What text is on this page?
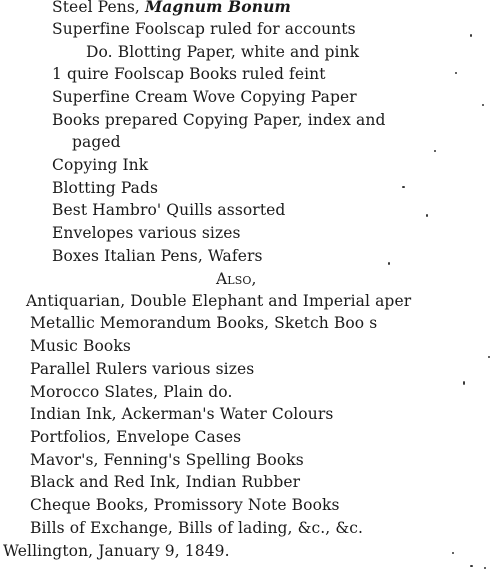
Steel Pens, Magnum Bonum
Superfine Foolscap ruled for accounts
Do. Blotting Paper, white and pink
1 quire Foolscap Books ruled feint
Superfine Cream Wove Copying Paper
Books prepared Copying Paper, index and
paged
Copying Ink
Blotting Pads
Best Hambro' Quills assorted
Envelopes various sizes
Boxes Italian Pens, Wafers
Also,
Antiquarian, Double Elephant and Imperial aper
Metallic Memorandum Books, Sketch Boo s
Music Books
Parallel Rulers various sizes
Morocco Slates, Plain do.
Indian Ink, Ackerman's Water Colours
Portfolios, Envelope Cases
Mavor's, Fenning's Spelling Books
Black and Red Ink, Indian Rubber
Cheque Books, Promissory Note Books
Bills of Exchange, Bills of lading, &c., &c.
Wellington, January 9, 1849.
